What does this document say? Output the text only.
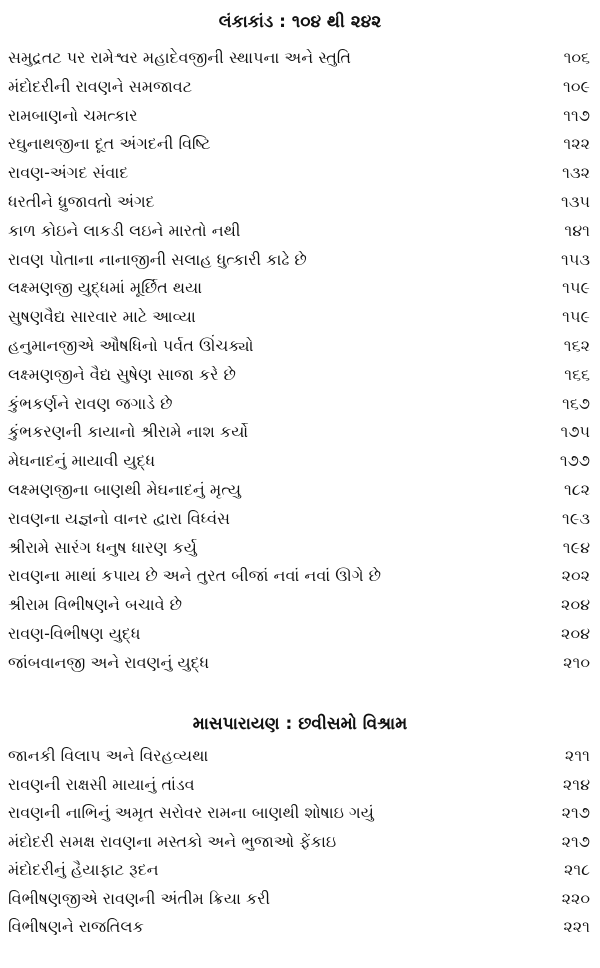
લંકાકાંડ : ૧૦૪ થી ૨૪૨
સમુદ્રતટ પર રામેશ્વર મહાદેવજીની સ્થાપના અને સ્તુતિ	૧૦૬
મંદોદરીની રાવણને સમજાવટ	૧૦૯
રામબાણનો ચમત્કાર	૧૧૭
રઘુનાથજીના દૂત અંગદની વિષ્ટિ	૧૨૨
રાવણ-અંગદ સંવાદ	૧૩૨
ધરતીને ધ્રુજાવતો અંગદ	૧૩૫
કાળ કોઇને લાકડી લઇને મારતો નથી	૧૪૧
રાવણ પોતાના નાનાજીની સલાહ ધુત્કારી કાઢે છે	૧૫૩
લક્ષ્મણજી યુદ્ધમાં મૂર્છિત થયા	૧૫૯
સુષણવૈદ્ય સારવાર માટે આવ્યા	૧૫૯
હનુમાનજીએ ઔષધિનો પર્વત ઊંચક્યો	૧૬૨
લક્ષ્મણજીને વૈદ્ય સુષેણ સાજા કરે છે	૧૬૬
કુંભકર્ણને રાવણ જગાડે છે	૧૬૭
કુંભકરણની કાયાનો શ્રીરામે નાશ કર્યો	૧૭૫
મેઘનાદનું માયાવી યુદ્ધ	૧૭૭
લક્ષ્મણજીના બાણથી મેઘનાદનું મૃત્યુ	૧૮૨
રાવણના યજ્ઞનો વાનર દ્વારા વિધ્વંસ	૧૯૩
શ્રીરામે સારંગ ધનુષ ધારણ કર્યુ	૧૯૪
રાવણના માથાં કપાય છે અને તુરત બીજાં નવાં નવાં ઊગે છે	૨૦૨
શ્રીરામ વિભીષણને બચાવે છે	૨૦૪
રાવણ-વિભીષણ યુદ્ધ	૨૦૪
જાંબવાનજી અને રાવણનું યુદ્ધ	૨૧૦
માસપારાયણ : છવીસમો વિશ્રામ
જાનકી વિલાપ અને વિરહવ્યથા	૨૧૧
રાવણની રાક્ષસી માયાનું તાંડવ	૨૧૪
રાવણની નાભિનું અમૃત સરોવર રામના બાણથી શોષાઇ ગયું	૨૧૭
મંદોદરી સમક્ષ રાવણના મસ્તકો અને ભુજાઓ ફેંકાઇ	૨૧૭
મંદોદરીનું હૈયાફાટ રૂદન	૨૧૮
વિભીષણજીએ રાવણની અંતીમ ક્રિયા કરી	૨૨૦
વિભીષણને રાજતિલક	૨૨૧
